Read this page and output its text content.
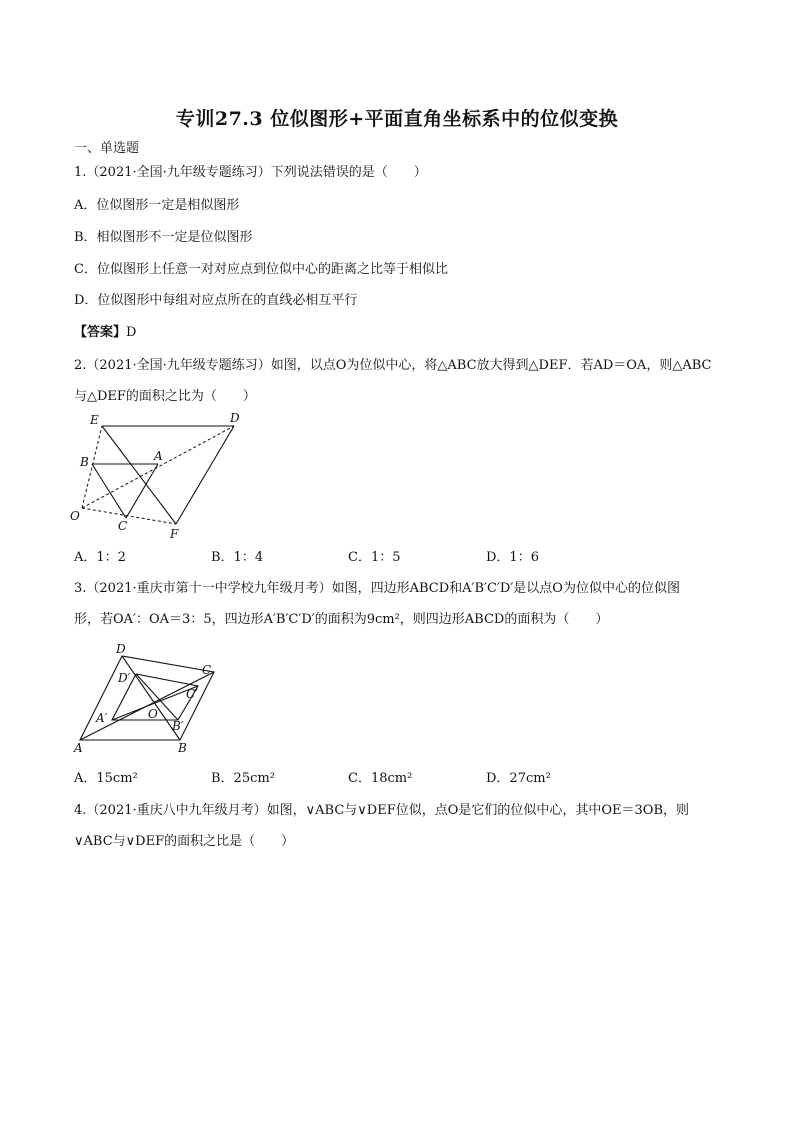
专训27.3 位似图形+平面直角坐标系中的位似变换
一、单选题
1.（2021·全国·九年级专题练习）下列说法错误的是（　　）
A．位似图形一定是相似图形
B．相似图形不一定是位似图形
C．位似图形上任意一对对应点到位似中心的距离之比等于相似比
D．位似图形中每组对应点所在的直线必相互平行
【答案】D
2.（2021·全国·九年级专题练习）如图，以点O为位似中心，将△ABC放大得到△DEF．若AD＝OA，则△ABC
与△DEF的面积之比为（　　）
E	D
B	A
O
C
F
A．1：2	B．1：4	C．1：5	D．1：6
3.（2021·重庆市第十一中学校九年级月考）如图，四边形ABCD和A′B′C′D′是以点O为位似中心的位似图
形，若OA′：OA＝3：5，四边形A′B′C′D′的面积为9cm²，则四边形ABCD的面积为（　　）
D
C
D′
C′
A′	O
B′
A	B
A．15cm²	B．25cm²	C．18cm²	D．27cm²
4.（2021·重庆八中九年级月考）如图，∨ABC与∨DEF位似，点O是它们的位似中心，其中OE＝3OB，则
∨ABC与∨DEF的面积之比是（　　）
